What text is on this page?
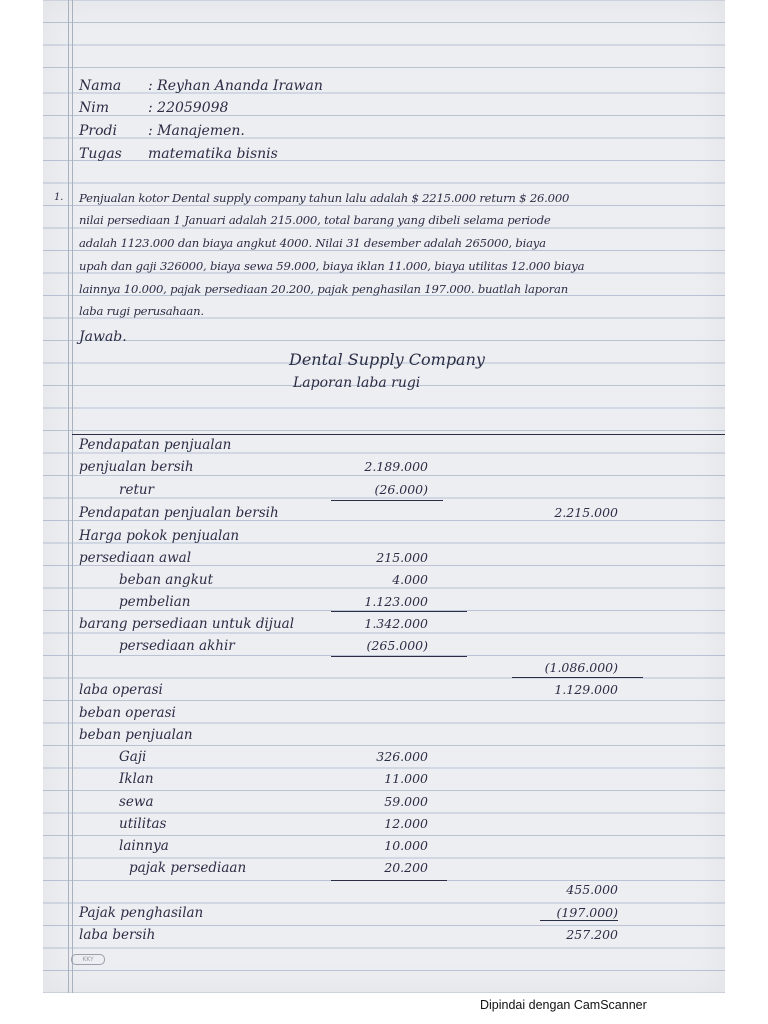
Nama : Reyhan Ananda Irawan
Nim	: 22059098
Prodi : Manajemen.
Tugas matematika bisnis
1. Penjualan kotor Dental supply company tahun lalu adalah $ 2215.000 return $ 26.000
nilai persediaan 1 Januari adalah 215.000, total barang yang dibeli selama periode
adalah 1123.000 dan biaya angkut 4000. Nilai 31 desember adalah 265000, biaya
upah dan gaji 326000, biaya sewa 59.000, biaya iklan 11.000, biaya utilitas 12.000 biaya
lainnya 10.000, pajak persediaan 20.200, pajak penghasilan 197.000. buatlah laporan
laba rugi perusahaan.
Jawab.
Dental Supply Company
Laporan laba rugi
Pendapatan penjualan
penjualan bersih	2.189.000
retur	(26.000)
Pendapatan penjualan bersih	2.215.000
Harga pokok penjualan
persediaan awal	215.000
beban angkut	4.000
pembelian	1.123.000
barang persediaan untuk dijual	1.342.000
persediaan akhir	(265.000)
(1.086.000)
laba operasi	1.129.000
beban operasi
beban penjualan
Gaji	326.000
Iklan	11.000
sewa	59.000
utilitas	12.000
lainnya	10.000
pajak persediaan	20.200
455.000
Pajak penghasilan	(197.000)
laba bersih	257.200
KKY
Dipindai dengan CamScanner
